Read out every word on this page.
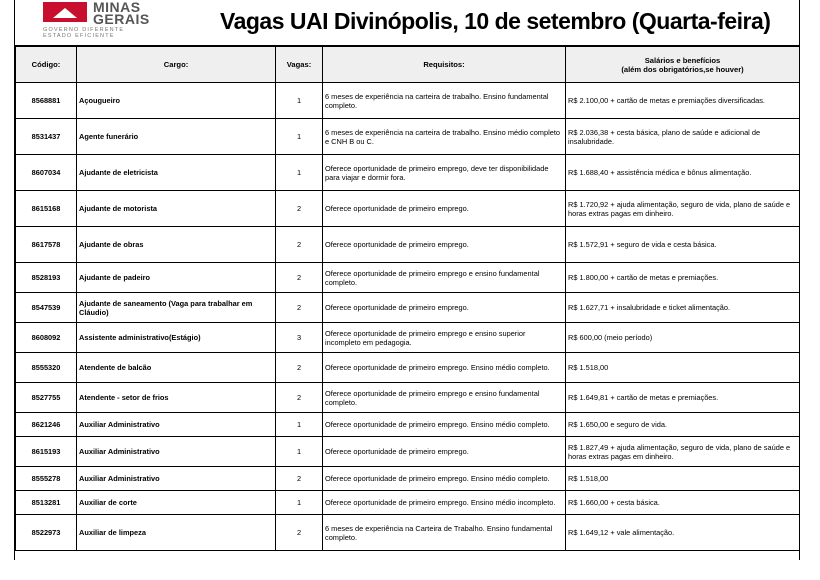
MINAS
GERAIS
GOVERNO DIFERENTE
ESTADO EFICIENTE
Vagas UAI Divinópolis, 10 de setembro (Quarta-feira)
Código:	Cargo:	Vagas:	Requisitos:	Salários e benefícios
(além dos obrigatórios,se houver)

8568881	Açougueiro	1	6 meses de experiência na carteira de trabalho. Ensino fundamental completo.	R$ 2.100,00 + cartão de metas e premiações diversificadas.
8531437	Agente funerário	1	6 meses de experiência na carteira de trabalho. Ensino médio completo e CNH B ou C.	R$ 2.036,38 + cesta básica, plano de saúde e adicional de insalubridade.
8607034	Ajudante de eletricista	1	Oferece oportunidade de primeiro emprego, deve ter disponibilidade para viajar e dormir fora.	R$ 1.688,40 + assistência médica e bônus alimentação.
8615168	Ajudante de motorista	2	Oferece oportunidade de primeiro emprego.	R$ 1.720,92 + ajuda alimentação, seguro de vida, plano de saúde e horas extras pagas em dinheiro.
8617578	Ajudante de obras	2	Oferece oportunidade de primeiro emprego.	R$ 1.572,91 + seguro de vida e cesta básica.
8528193	Ajudante de padeiro	2	Oferece oportunidade de primeiro emprego e ensino fundamental completo.	R$ 1.800,00 + cartão de metas e premiações.
8547539	Ajudante de saneamento (Vaga para trabalhar em Cláudio)	2	Oferece oportunidade de primeiro emprego.	R$ 1.627,71 + insalubridade e ticket alimentação.
8608092	Assistente administrativo(Estágio)	3	Oferece oportunidade de primeiro emprego e ensino superior incompleto em pedagogia.	R$ 600,00 (meio período)
8555320	Atendente de balcão	2	Oferece oportunidade de primeiro emprego. Ensino médio completo.	R$ 1.518,00
8527755	Atendente - setor de frios	2	Oferece oportunidade de primeiro emprego e ensino fundamental completo.	R$ 1.649,81 + cartão de metas e premiações.
8621246	Auxiliar Administrativo	1	Oferece oportunidade de primeiro emprego. Ensino médio completo.	R$ 1.650,00 e seguro de vida.
8615193	Auxiliar Administrativo	1	Oferece oportunidade de primeiro emprego.	R$ 1.827,49 + ajuda alimentação, seguro de vida, plano de saúde e horas extras pagas em dinheiro.
8555278	Auxiliar Administrativo	2	Oferece oportunidade de primeiro emprego. Ensino médio completo.	R$ 1.518,00
8513281	Auxiliar de corte	1	Oferece oportunidade de primeiro emprego. Ensino médio incompleto.	R$ 1.660,00 + cesta básica.
8522973	Auxiliar de limpeza	2	6 meses de experiência na Carteira de Trabalho. Ensino fundamental completo.	R$ 1.649,12 + vale alimentação.
